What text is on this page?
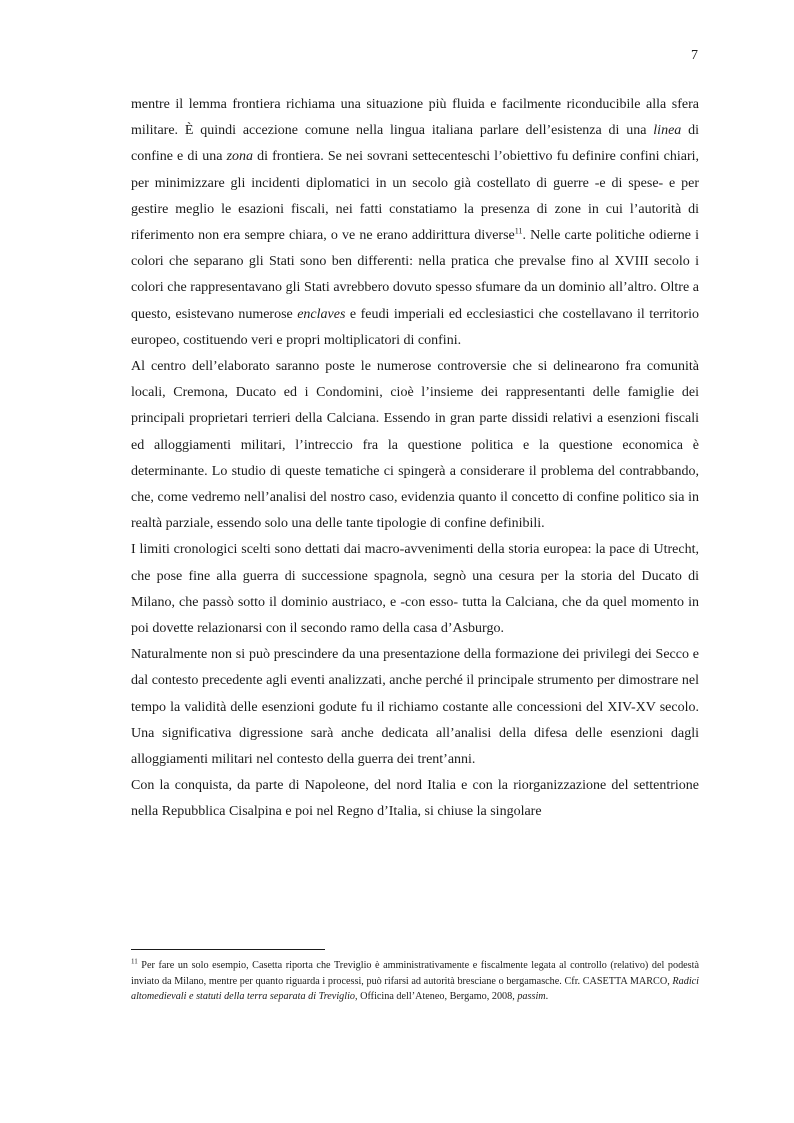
7

mentre il lemma frontiera richiama una situazione più fluida e facilmente riconducibile alla sfera militare. È quindi accezione comune nella lingua italiana parlare dell’esistenza di una linea di confine e di una zona di frontiera. Se nei sovrani settecenteschi l’obiettivo fu definire confini chiari, per minimizzare gli incidenti diplomatici in un secolo già costellato di guerre -e di spese- e per gestire meglio le esazioni fiscali, nei fatti constatiamo la presenza di zone in cui l’autorità di riferimento non era sempre chiara, o ve ne erano addirittura diverse$^{11}$. Nelle carte politiche odierne i colori che separano gli Stati sono ben differenti: nella pratica che prevalse fino al XVIII secolo i colori che rappresentavano gli Stati avrebbero dovuto spesso sfumare da un dominio all’altro. Oltre a questo, esistevano numerose enclaves e feudi imperiali ed ecclesiastici che costellavano il territorio europeo, costituendo veri e propri moltiplicatori di confini.

Al centro dell’elaborato saranno poste le numerose controversie che si delinearono fra comunità locali, Cremona, Ducato ed i Condomini, cioè l’insieme dei rappresentanti delle famiglie dei principali proprietari terrieri della Calciana. Essendo in gran parte dissidi relativi a esenzioni fiscali ed alloggiamenti militari, l’intreccio fra la questione politica e la questione economica è determinante. Lo studio di queste tematiche ci spingerà a considerare il problema del contrabbando, che, come vedremo nell’analisi del nostro caso, evidenzia quanto il concetto di confine politico sia in realtà parziale, essendo solo una delle tante tipologie di confine definibili.

I limiti cronologici scelti sono dettati dai macro-avvenimenti della storia europea: la pace di Utrecht, che pose fine alla guerra di successione spagnola, segnò una cesura per la storia del Ducato di Milano, che passò sotto il dominio austriaco, e -con esso- tutta la Calciana, che da quel momento in poi dovette relazionarsi con il secondo ramo della casa d’Asburgo.

Naturalmente non si può prescindere da una presentazione della formazione dei privilegi dei Secco e dal contesto precedente agli eventi analizzati, anche perché il principale strumento per dimostrare nel tempo la validità delle esenzioni godute fu il richiamo costante alle concessioni del XIV-XV secolo. Una significativa digressione sarà anche dedicata all’analisi della difesa delle esenzioni dagli alloggiamenti militari nel contesto della guerra dei trent’anni.

Con la conquista, da parte di Napoleone, del nord Italia e con la riorganizzazione del settentrione nella Repubblica Cisalpina e poi nel Regno d’Italia, si chiuse la singolare

$^{11}$ Per fare un solo esempio, Casetta riporta che Treviglio è amministrativamente e fiscalmente legata al controllo (relativo) del podestà inviato da Milano, mentre per quanto riguarda i processi, può rifarsi ad autorità bresciane o bergamasche. Cfr. CASETTA MARCO, Radici altomedievali e statuti della terra separata di Treviglio, Officina dell’Ateneo, Bergamo, 2008, passim.
